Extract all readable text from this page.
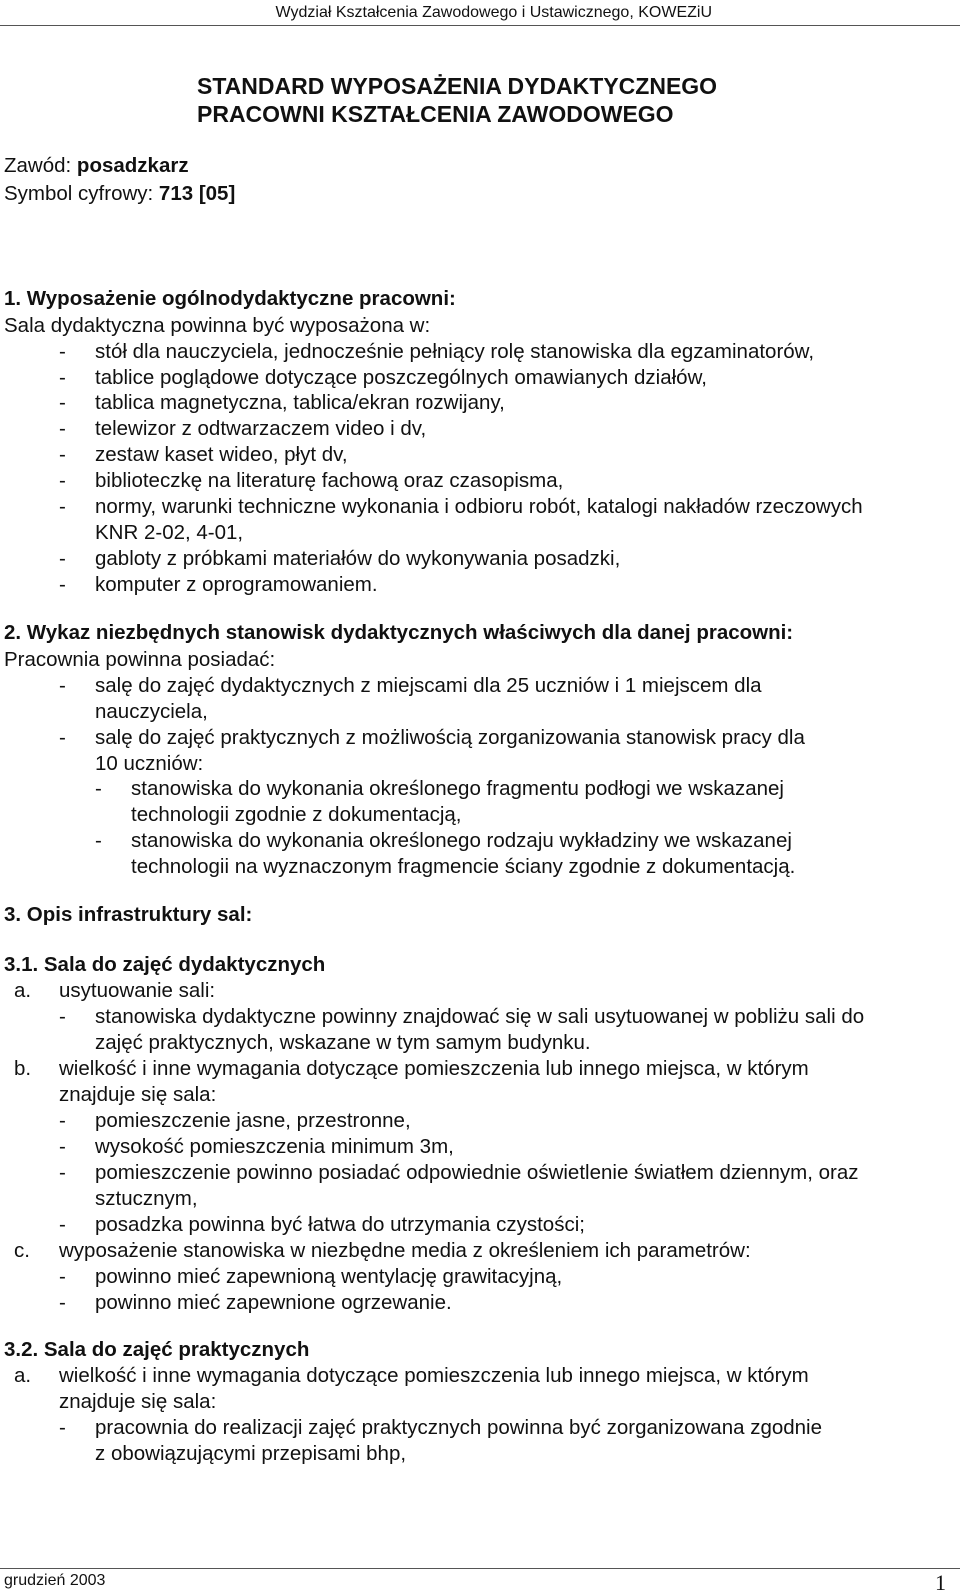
Wydział Kształcenia Zawodowego i Ustawicznego, KOWEZiU
STANDARD WYPOSAŻENIA DYDAKTYCZNEGO
PRACOWNI KSZTAŁCENIA ZAWODOWEGO
Zawód: posadzkarz
Symbol cyfrowy: 713 [05]
1. Wyposażenie ogólnodydaktyczne pracowni:
Sala dydaktyczna powinna być wyposażona w:
- stół dla nauczyciela, jednocześnie pełniący rolę stanowiska dla egzaminatorów,
- tablice poglądowe dotyczące poszczególnych omawianych działów,
- tablica magnetyczna, tablica/ekran rozwijany,
- telewizor z odtwarzaczem video i dv,
- zestaw kaset wideo, płyt dv,
- biblioteczkę na literaturę fachową oraz czasopisma,
- normy, warunki techniczne wykonania i odbioru robót, katalogi nakładów rzeczowych
KNR 2-02, 4-01,
- gabloty z próbkami materiałów do wykonywania posadzki,
- komputer z oprogramowaniem.
2. Wykaz niezbędnych stanowisk dydaktycznych właściwych dla danej pracowni:
Pracownia powinna posiadać:
- salę do zajęć dydaktycznych z miejscami dla 25 uczniów i 1 miejscem dla
nauczyciela,
- salę do zajęć praktycznych z możliwością zorganizowania stanowisk pracy dla
10 uczniów:
- stanowiska do wykonania określonego fragmentu podłogi we wskazanej
technologii zgodnie z dokumentacją,
- stanowiska do wykonania określonego rodzaju wykładziny we wskazanej
technologii na wyznaczonym fragmencie ściany zgodnie z dokumentacją.
3. Opis infrastruktury sal:
3.1. Sala do zajęć dydaktycznych
a. usytuowanie sali:
- stanowiska dydaktyczne powinny znajdować się w sali usytuowanej w pobliżu sali do
zajęć praktycznych, wskazane w tym samym budynku.
b. wielkość i inne wymagania dotyczące pomieszczenia lub innego miejsca, w którym
znajduje się sala:
- pomieszczenie jasne, przestronne,
- wysokość pomieszczenia minimum 3m,
- pomieszczenie powinno posiadać odpowiednie oświetlenie światłem dziennym, oraz
sztucznym,
- posadzka powinna być łatwa do utrzymania czystości;
c. wyposażenie stanowiska w niezbędne media z określeniem ich parametrów:
- powinno mieć zapewnioną wentylację grawitacyjną,
- powinno mieć zapewnione ogrzewanie.
3.2. Sala do zajęć praktycznych
a. wielkość i inne wymagania dotyczące pomieszczenia lub innego miejsca, w którym
znajduje się sala:
- pracownia do realizacji zajęć praktycznych powinna być zorganizowana zgodnie
z obowiązującymi przepisami bhp,
grudzień 2003	1
